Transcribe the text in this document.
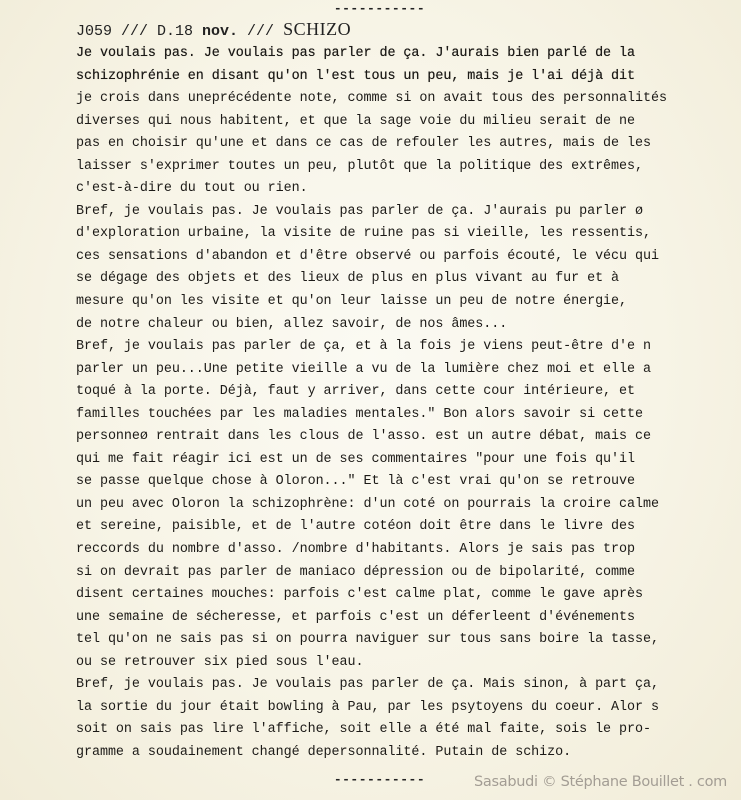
-----------
J059 /// D.18 nov. /// SCHIZO
Je voulais pas. Je voulais pas parler de ça. J'aurais bien parlé de la
schizophrénie en disant qu'on l'est tous un peu, mais je l'ai déjà dit
je crois dans uneprécédente note, comme si on avait tous des personnalités
diverses qui nous habitent, et que la sage voie du milieu serait de ne
pas en choisir qu'une et dans ce cas de refouler les autres, mais de les
laisser s'exprimer toutes un peu, plutôt que la politique des extrêmes,
c'est-à-dire du tout ou rien.
Bref, je voulais pas. Je voulais pas parler de ça. J'aurais pu parler ø
d'exploration urbaine, la visite de ruine pas si vieille, les ressentis,
ces sensations d'abandon et d'être observé ou parfois écouté, le vécu qui
se dégage des objets et des lieux de plus en plus vivant au fur et à
mesure qu'on les visite et qu'on leur laisse un peu de notre énergie,
de notre chaleur ou bien, allez savoir, de nos âmes...
Bref, je voulais pas parler de ça, et à la fois je viens peut-être d'e n
parler un peu...Une petite vieille a vu de la lumière chez moi et elle a
toqué à la porte. Déjà, faut y arriver, dans cette cour intérieure, et
familles touchées par les maladies mentales." Bon alors savoir si cette
personneø rentrait dans les clous de l'asso. est un autre débat, mais ce
qui me fait réagir ici est un de ses commentaires "pour une fois qu'il
se passe quelque chose à Oloron..." Et là c'est vrai qu'on se retrouve
un peu avec Oloron la schizophrène: d'un coté on pourrais la croire calme
et sereine, paisible, et de l'autre cotéon doit être dans le livre des
reccords du nombre d'asso. /nombre d'habitants. Alors je sais pas trop
si on devrait pas parler de maniaco dépression ou de bipolarité, comme
disent certaines mouches: parfois c'est calme plat, comme le gave après
une semaine de sécheresse, et parfois c'est un déferleent d'événements
tel qu'on ne sais pas si on pourra naviguer sur tous sans boire la tasse,
ou se retrouver six pied sous l'eau.
Bref, je voulais pas. Je voulais pas parler de ça. Mais sinon, à part ça,
la sortie du jour était bowling à Pau, par les psytoyens du coeur. Alor s
soit on sais pas lire l'affiche, soit elle a été mal faite, sois le pro-
gramme a soudainement changé depersonnalité. Putain de schizo.
-----------	Sasabudi © Stéphane Bouillet . com
